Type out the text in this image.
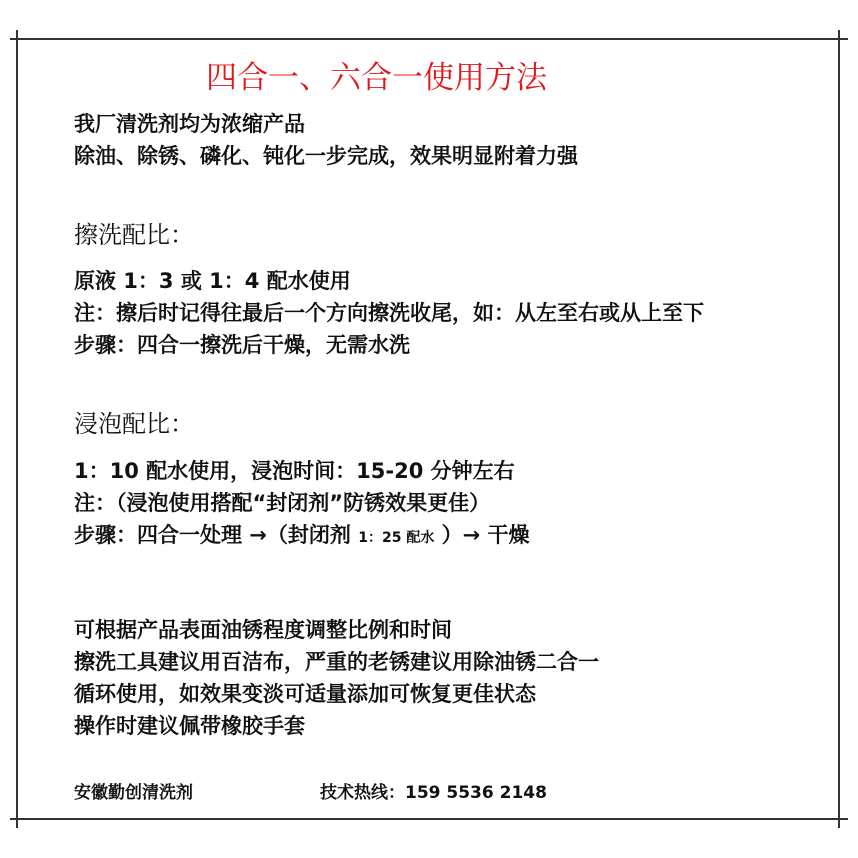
四合一、六合一使用方法
我厂清洗剂均为浓缩产品
除油、除锈、磷化、钝化一步完成，效果明显附着力强
擦洗配比：
原液 1：3 或 1：4 配水使用
注：擦后时记得往最后一个方向擦洗收尾，如：从左至右或从上至下
步骤：四合一擦洗后干燥，无需水洗
浸泡配比：
1：10 配水使用，浸泡时间：15-20 分钟左右
注：（浸泡使用搭配“封闭剂”防锈效果更佳）
步骤：四合一处理 →（封闭剂 1：25 配水 ）→ 干燥
可根据产品表面油锈程度调整比例和时间
擦洗工具建议用百洁布，严重的老锈建议用除油锈二合一
循环使用，如效果变淡可适量添加可恢复更佳状态
操作时建议佩带橡胶手套
安徽勤创清洗剂	技术热线：159 5536 2148
